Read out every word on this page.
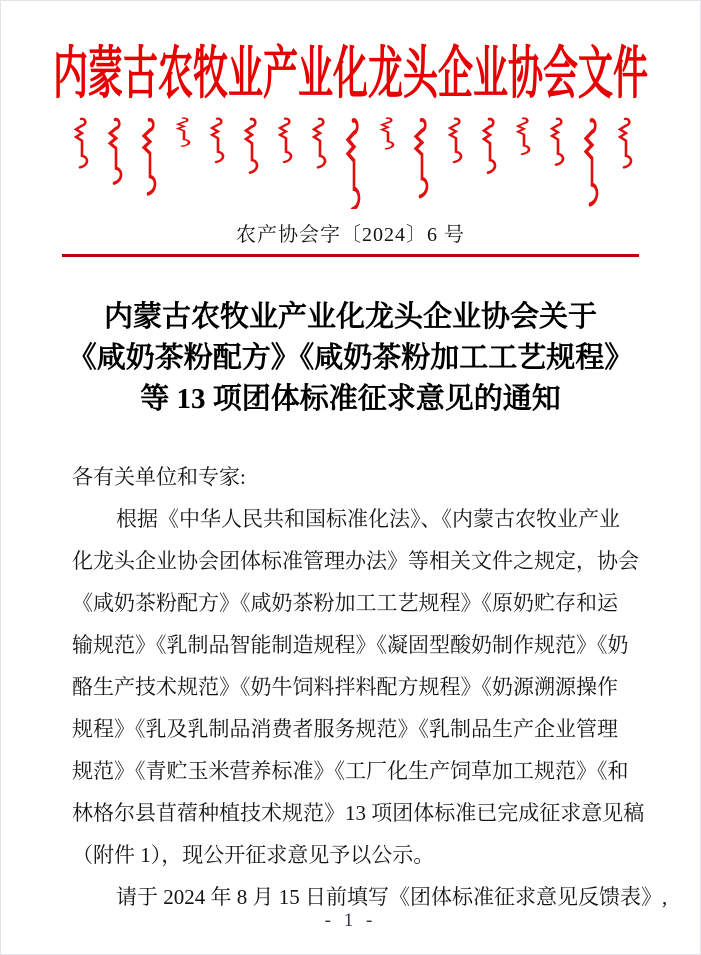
内蒙古农牧业产业化龙头企业协会文件
农产协会字〔2024〕6 号
内蒙古农牧业产业化龙头企业协会关于
《咸奶茶粉配方》《咸奶茶粉加工工艺规程》
等 13 项团体标准征求意见的通知
各有关单位和专家:
根据《中华人民共和国标准化法》、《内蒙古农牧业产业
化龙头企业协会团体标准管理办法》等相关文件之规定，协会
《咸奶茶粉配方》《咸奶茶粉加工工艺规程》《原奶贮存和运
输规范》《乳制品智能制造规程》《凝固型酸奶制作规范》《奶
酪生产技术规范》《奶牛饲料拌料配方规程》《奶源溯源操作
规程》《乳及乳制品消费者服务规范》《乳制品生产企业管理
规范》《青贮玉米营养标准》《工厂化生产饲草加工规范》《和
林格尔县苜蓿种植技术规范》13 项团体标准已完成征求意见稿
（附件 1），现公开征求意见予以公示。
请于 2024 年 8 月 15 日前填写《团体标准征求意见反馈表》,
- 1 -
